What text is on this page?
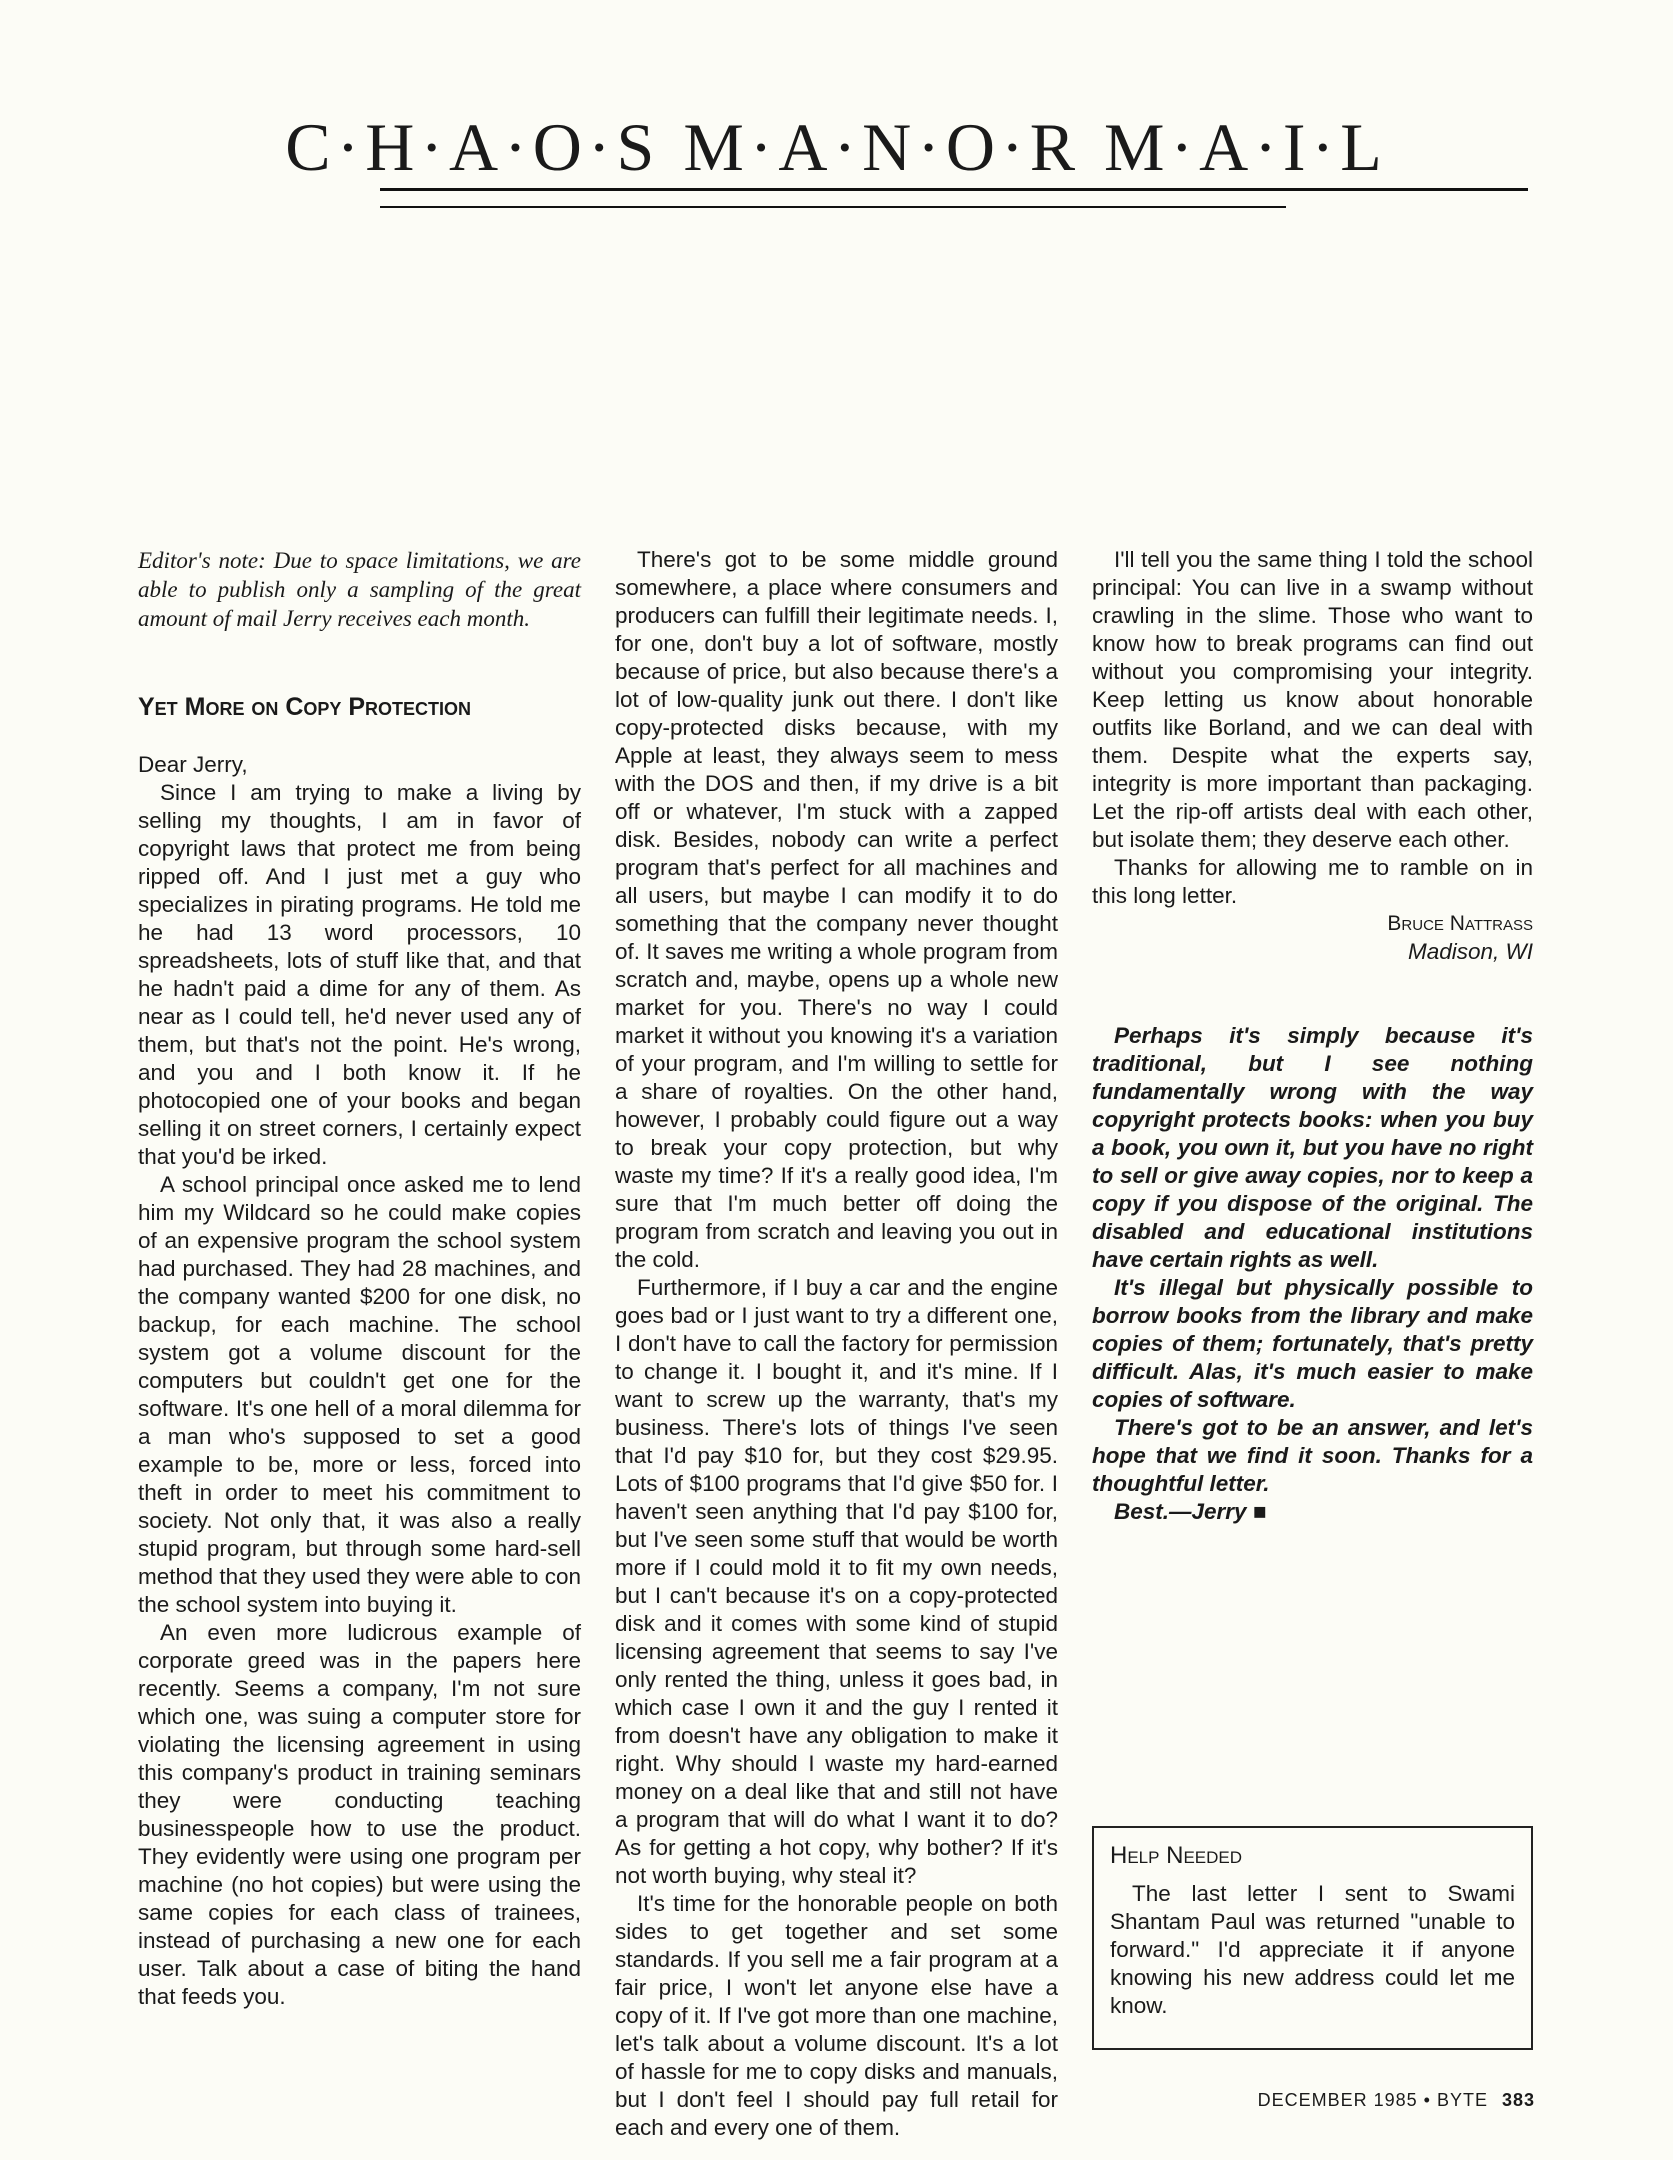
C·H·A·O·S M·A·N·O·R M·A·I·L

Editor's note: Due to space limitations, we are able to publish only a sampling of the great amount of mail Jerry receives each month.

Yet More on Copy Protection

Dear Jerry,

Since I am trying to make a living by selling my thoughts, I am in favor of copyright laws that protect me from being ripped off. And I just met a guy who specializes in pirating programs. He told me he had 13 word processors, 10 spreadsheets, lots of stuff like that, and that he hadn't paid a dime for any of them. As near as I could tell, he'd never used any of them, but that's not the point. He's wrong, and you and I both know it. If he photocopied one of your books and began selling it on street corners, I certainly expect that you'd be irked.

A school principal once asked me to lend him my Wildcard so he could make copies of an expensive program the school system had purchased. They had 28 machines, and the company wanted $200 for one disk, no backup, for each machine. The school system got a volume discount for the computers but couldn't get one for the software. It's one hell of a moral dilemma for a man who's supposed to set a good example to be, more or less, forced into theft in order to meet his commitment to society. Not only that, it was also a really stupid program, but through some hard-sell method that they used they were able to con the school system into buying it.

An even more ludicrous example of corporate greed was in the papers here recently. Seems a company, I'm not sure which one, was suing a computer store for violating the licensing agreement in using this company's product in training seminars they were conducting teaching businesspeople how to use the product. They evidently were using one program per machine (no hot copies) but were using the same copies for each class of trainees, instead of purchasing a new one for each user. Talk about a case of biting the hand that feeds you.

There's got to be some middle ground somewhere, a place where consumers and producers can fulfill their legitimate needs. I, for one, don't buy a lot of software, mostly because of price, but also because there's a lot of low-quality junk out there. I don't like copy-protected disks because, with my Apple at least, they always seem to mess with the DOS and then, if my drive is a bit off or whatever, I'm stuck with a zapped disk. Besides, nobody can write a perfect program that's perfect for all machines and all users, but maybe I can modify it to do something that the company never thought of. It saves me writing a whole program from scratch and, maybe, opens up a whole new market for you. There's no way I could market it without you knowing it's a variation of your program, and I'm willing to settle for a share of royalties. On the other hand, however, I probably could figure out a way to break your copy protection, but why waste my time? If it's a really good idea, I'm sure that I'm much better off doing the program from scratch and leaving you out in the cold.

Furthermore, if I buy a car and the engine goes bad or I just want to try a different one, I don't have to call the factory for permission to change it. I bought it, and it's mine. If I want to screw up the warranty, that's my business. There's lots of things I've seen that I'd pay $10 for, but they cost $29.95. Lots of $100 programs that I'd give $50 for. I haven't seen anything that I'd pay $100 for, but I've seen some stuff that would be worth more if I could mold it to fit my own needs, but I can't because it's on a copy-protected disk and it comes with some kind of stupid licensing agreement that seems to say I've only rented the thing, unless it goes bad, in which case I own it and the guy I rented it from doesn't have any obligation to make it right. Why should I waste my hard-earned money on a deal like that and still not have a program that will do what I want it to do? As for getting a hot copy, why bother? If it's not worth buying, why steal it?

It's time for the honorable people on both sides to get together and set some standards. If you sell me a fair program at a fair price, I won't let anyone else have a copy of it. If I've got more than one machine, let's talk about a volume discount. It's a lot of hassle for me to copy disks and manuals, but I don't feel I should pay full retail for each and every one of them.

I'll tell you the same thing I told the school principal: You can live in a swamp without crawling in the slime. Those who want to know how to break programs can find out without you compromising your integrity. Keep letting us know about honorable outfits like Borland, and we can deal with them. Despite what the experts say, integrity is more important than packaging. Let the rip-off artists deal with each other, but isolate them; they deserve each other.

Thanks for allowing me to ramble on in this long letter.

Bruce Nattrass
Madison, WI

Perhaps it's simply because it's traditional, but I see nothing fundamentally wrong with the way copyright protects books: when you buy a book, you own it, but you have no right to sell or give away copies, nor to keep a copy if you dispose of the original. The disabled and educational institutions have certain rights as well.

It's illegal but physically possible to borrow books from the library and make copies of them; fortunately, that's pretty difficult. Alas, it's much easier to make copies of software.

There's got to be an answer, and let's hope that we find it soon. Thanks for a thoughtful letter.

Best.—Jerry ■

Help Needed

The last letter I sent to Swami Shantam Paul was returned "unable to forward." I'd appreciate it if anyone knowing his new address could let me know.

DECEMBER 1985 • BYTE 383
